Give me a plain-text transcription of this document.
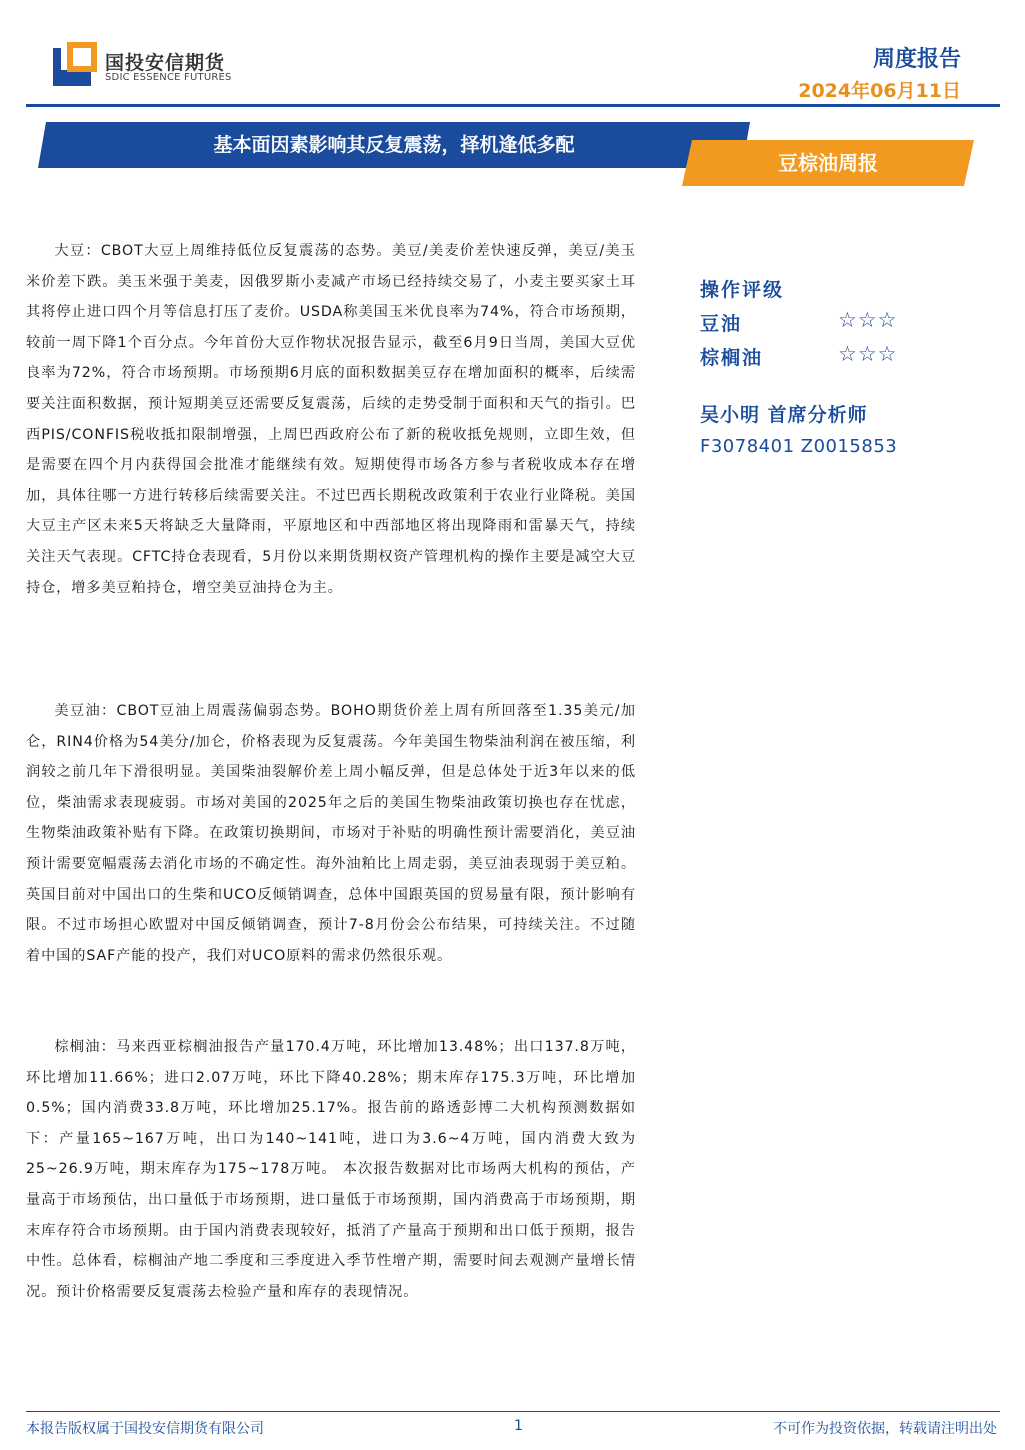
国投安信期货
SDIC ESSENCE FUTURES
周度报告
2024年06月11日
基本面因素影响其反复震荡，择机逢低多配
豆棕油周报
大豆：CBOT大豆上周维持低位反复震荡的态势。美豆/美麦价差快速反弹，美豆/美玉米价差下跌。美玉米强于美麦，因俄罗斯小麦减产市场已经持续交易了，小麦主要买家土耳其将停止进口四个月等信息打压了麦价。USDA称美国玉米优良率为74%，符合市场预期，较前一周下降1个百分点。今年首份大豆作物状况报告显示，截至6月9日当周，美国大豆优良率为72%，符合市场预期。市场预期6月底的面积数据美豆存在增加面积的概率，后续需要关注面积数据，预计短期美豆还需要反复震荡，后续的走势受制于面积和天气的指引。巴西PIS/CONFIS税收抵扣限制增强，上周巴西政府公布了新的税收抵免规则，立即生效，但是需要在四个月内获得国会批准才能继续有效。短期使得市场各方参与者税收成本存在增加，具体往哪一方进行转移后续需要关注。不过巴西长期税改政策利于农业行业降税。美国大豆主产区未来5天将缺乏大量降雨，平原地区和中西部地区将出现降雨和雷暴天气，持续关注天气表现。CFTC持仓表现看，5月份以来期货期权资产管理机构的操作主要是减空大豆持仓，增多美豆粕持仓，增空美豆油持仓为主。
美豆油：CBOT豆油上周震荡偏弱态势。BOHO期货价差上周有所回落至1.35美元/加仑，RIN4价格为54美分/加仑，价格表现为反复震荡。今年美国生物柴油利润在被压缩，利润较之前几年下滑很明显。美国柴油裂解价差上周小幅反弹，但是总体处于近3年以来的低位，柴油需求表现疲弱。市场对美国的2025年之后的美国生物柴油政策切换也存在忧虑，生物柴油政策补贴有下降。在政策切换期间，市场对于补贴的明确性预计需要消化，美豆油预计需要宽幅震荡去消化市场的不确定性。海外油粕比上周走弱，美豆油表现弱于美豆粕。英国目前对中国出口的生柴和UCO反倾销调查，总体中国跟英国的贸易量有限，预计影响有限。不过市场担心欧盟对中国反倾销调查，预计7-8月份会公布结果，可持续关注。不过随着中国的SAF产能的投产，我们对UCO原料的需求仍然很乐观。
棕榈油：马来西亚棕榈油报告产量170.4万吨，环比增加13.48%；出口137.8万吨，环比增加11.66%；进口2.07万吨，环比下降40.28%；期末库存175.3万吨，环比增加0.5%；国内消费33.8万吨，环比增加25.17%。报告前的路透彭博二大机构预测数据如下：产量165~167万吨，出口为140~141吨，进口为3.6~4万吨，国内消费大致为25~26.9万吨，期末库存为175~178万吨。 本次报告数据对比市场两大机构的预估，产量高于市场预估，出口量低于市场预期，进口量低于市场预期，国内消费高于市场预期，期末库存符合市场预期。由于国内消费表现较好，抵消了产量高于预期和出口低于预期，报告中性。总体看，棕榈油产地二季度和三季度进入季节性增产期，需要时间去观测产量增长情况。预计价格需要反复震荡去检验产量和库存的表现情况。
操作评级
豆油	☆☆☆
棕榈油	☆☆☆
吴小明 首席分析师
F3078401 Z0015853
本报告版权属于国投安信期货有限公司	1	不可作为投资依据，转载请注明出处
